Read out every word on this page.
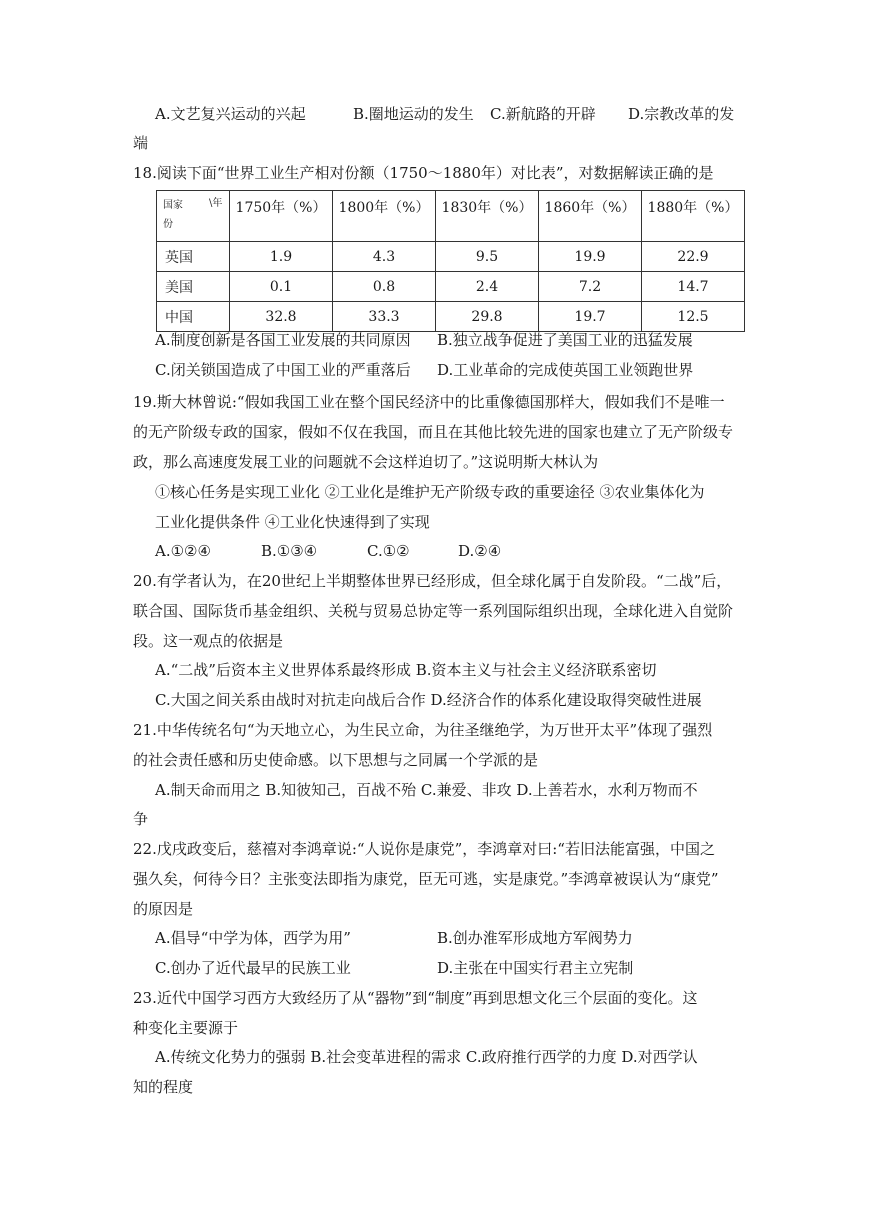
A.文艺复兴运动的兴起	B.圈地运动的发生 C.新航路的开辟 D.宗教改革的发
端
18.阅读下面“世界工业生产相对份额（1750～1880年）对比表”，对数据解读正确的是
国家 \年
份	1750年（%）	1800年（%）	1830年（%）	1860年（%）	1880年（%）
英国	1.9	4.3	9.5	19.9	22.9
美国	0.1	0.8	2.4	7.2	14.7
中国	32.8	33.3	29.8	19.7	12.5
A.制度创新是各国工业发展的共同原因 B.独立战争促进了美国工业的迅猛发展
C.闭关锁国造成了中国工业的严重落后 D.工业革命的完成使英国工业领跑世界
19.斯大林曾说:“假如我国工业在整个国民经济中的比重像德国那样大，假如我们不是唯一
的无产阶级专政的国家，假如不仅在我国，而且在其他比较先进的国家也建立了无产阶级专
政，那么高速度发展工业的问题就不会这样迫切了。”这说明斯大林认为
①核心任务是实现工业化 ②工业化是维护无产阶级专政的重要途径 ③农业集体化为
工业化提供条件 ④工业化快速得到了实现
A.①②④	B.①③④	C.①②	D.②④
20.有学者认为，在20世纪上半期整体世界已经形成，但全球化属于自发阶段。“二战”后，
联合国、国际货币基金组织、关税与贸易总协定等一系列国际组织出现，全球化进入自觉阶
段。这一观点的依据是
A.“二战”后资本主义世界体系最终形成 B.资本主义与社会主义经济联系密切
C.大国之间关系由战时对抗走向战后合作 D.经济合作的体系化建设取得突破性进展
21.中华传统名句“为天地立心，为生民立命，为往圣继绝学，为万世开太平”体现了强烈
的社会责任感和历史使命感。以下思想与之同属一个学派的是
A.制天命而用之 B.知彼知己，百战不殆 C.兼爱、非攻 D.上善若水，水利万物而不
争
22.戊戌政变后，慈禧对李鸿章说:“人说你是康党”，李鸿章对曰:“若旧法能富强，中国之
强久矣，何待今日？主张变法即指为康党，臣无可逃，实是康党。”李鸿章被误认为“康党”
的原因是
A.倡导“中学为体，西学为用”	B.创办淮军形成地方军阀势力
C.创办了近代最早的民族工业	D.主张在中国实行君主立宪制
23.近代中国学习西方大致经历了从“器物”到“制度”再到思想文化三个层面的变化。这
种变化主要源于
A.传统文化势力的强弱 B.社会变革进程的需求 C.政府推行西学的力度 D.对西学认
知的程度
